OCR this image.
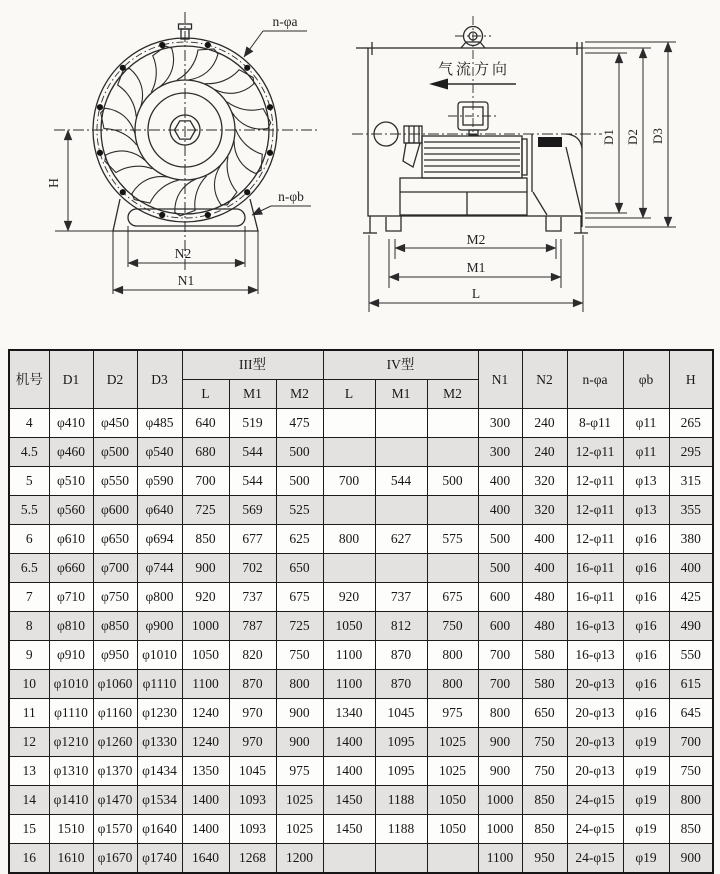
n-φa
n-φb
H
N2
N1
气流方向
D1 D2 D3
M2
M1
L
机号	D1	D2	D3	III型			IV型			N1	N2	n-φa	φb	H
				L	M1	M2	L	M1	M2					
4	φ410	φ450	φ485	640	519	475				300	240	8-φ11	φ11	265
4.5	φ460	φ500	φ540	680	544	500				300	240	12-φ11	φ11	295
5	φ510	φ550	φ590	700	544	500	700	544	500	400	320	12-φ11	φ13	315
5.5	φ560	φ600	φ640	725	569	525				400	320	12-φ11	φ13	355
6	φ610	φ650	φ694	850	677	625	800	627	575	500	400	12-φ11	φ16	380
6.5	φ660	φ700	φ744	900	702	650				500	400	16-φ11	φ16	400
7	φ710	φ750	φ800	920	737	675	920	737	675	600	480	16-φ11	φ16	425
8	φ810	φ850	φ900	1000	787	725	1050	812	750	600	480	16-φ13	φ16	490
9	φ910	φ950	φ1010	1050	820	750	1100	870	800	700	580	16-φ13	φ16	550
10	φ1010	φ1060	φ1110	1100	870	800	1100	870	800	700	580	20-φ13	φ16	615
11	φ1110	φ1160	φ1230	1240	970	900	1340	1045	975	800	650	20-φ13	φ16	645
12	φ1210	φ1260	φ1330	1240	970	900	1400	1095	1025	900	750	20-φ13	φ19	700
13	φ1310	φ1370	φ1434	1350	1045	975	1400	1095	1025	900	750	20-φ13	φ19	750
14	φ1410	φ1470	φ1534	1400	1093	1025	1450	1188	1050	1000	850	24-φ15	φ19	800
15	1510	φ1570	φ1640	1400	1093	1025	1450	1188	1050	1000	850	24-φ15	φ19	850
16	1610	φ1670	φ1740	1640	1268	1200				1100	950	24-φ15	φ19	900
